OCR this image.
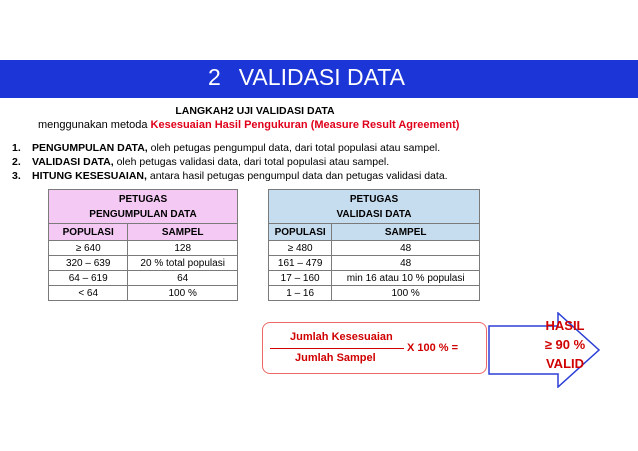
2 VALIDASI DATA
LANGKAH2 UJI VALIDASI DATA
menggunakan metoda Kesesuaian Hasil Pengukuran (Measure Result Agreement)
1. PENGUMPULAN DATA, oleh petugas pengumpul data, dari total populasi atau sampel.
2. VALIDASI DATA, oleh petugas validasi data, dari total populasi atau sampel.
3. HITUNG KESESUAIAN, antara hasil petugas pengumpul data dan petugas validasi data.
PETUGAS
PENGUMPULAN DATA	

POPULASI	SAMPEL
≥ 640	128
320 – 639	20 % total populasi
64 – 619	64
< 64	100 %
PETUGAS
VALIDASI DATA	

POPULASI	SAMPEL
≥ 480	48
161 – 479	48
17 – 160	min 16 atau 10 % populasi
1 – 16	100 %
Jumlah Kesesuaian
Jumlah Sampel
X 100 % =
HASIL
≥ 90 %
VALID
